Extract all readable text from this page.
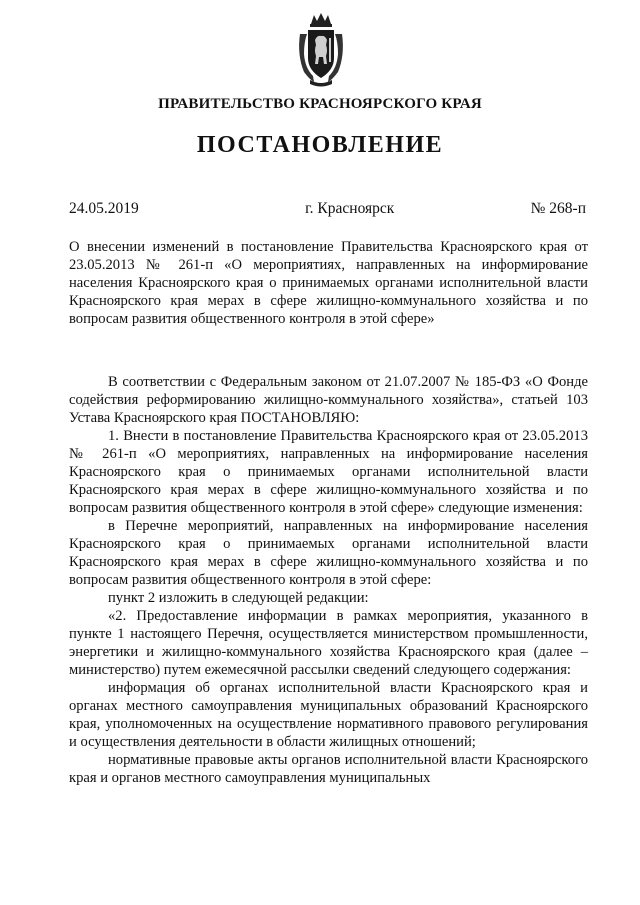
ПРАВИТЕЛЬСТВО КРАСНОЯРСКОГО КРАЯ
ПОСТАНОВЛЕНИЕ
24.05.2019	г. Красноярск	№ 268-п

О внесении изменений в постановление Правительства Красноярского края от 23.05.2013 № 261-п «О мероприятиях, направленных на информирование населения Красноярского края о принимаемых органами исполнительной власти Красноярского края мерах в сфере жилищно-коммунального хозяйства и по вопросам развития общественного контроля в этой сфере»

В соответствии с Федеральным законом от 21.07.2007 № 185-ФЗ «О Фонде содействия реформированию жилищно-коммунального хозяйства», статьей 103 Устава Красноярского края ПОСТАНОВЛЯЮ:

1. Внести в постановление Правительства Красноярского края от 23.05.2013 № 261-п «О мероприятиях, направленных на информирование населения Красноярского края о принимаемых органами исполнительной власти Красноярского края мерах в сфере жилищно-коммунального хозяйства и по вопросам развития общественного контроля в этой сфере» следующие изменения:

в Перечне мероприятий, направленных на информирование населения Красноярского края о принимаемых органами исполнительной власти Красноярского края мерах в сфере жилищно-коммунального хозяйства и по вопросам развития общественного контроля в этой сфере:

пункт 2 изложить в следующей редакции:

«2. Предоставление информации в рамках мероприятия, указанного в пункте 1 настоящего Перечня, осуществляется министерством промышленности, энергетики и жилищно-коммунального хозяйства Красноярского края (далее – министерство) путем ежемесячной рассылки сведений следующего содержания:

информация об органах исполнительной власти Красноярского края и органах местного самоуправления муниципальных образований Красноярского края, уполномоченных на осуществление нормативного правового регулирования и осуществления деятельности в области жилищных отношений;

нормативные правовые акты органов исполнительной власти Красноярского края и органов местного самоуправления муниципальных
